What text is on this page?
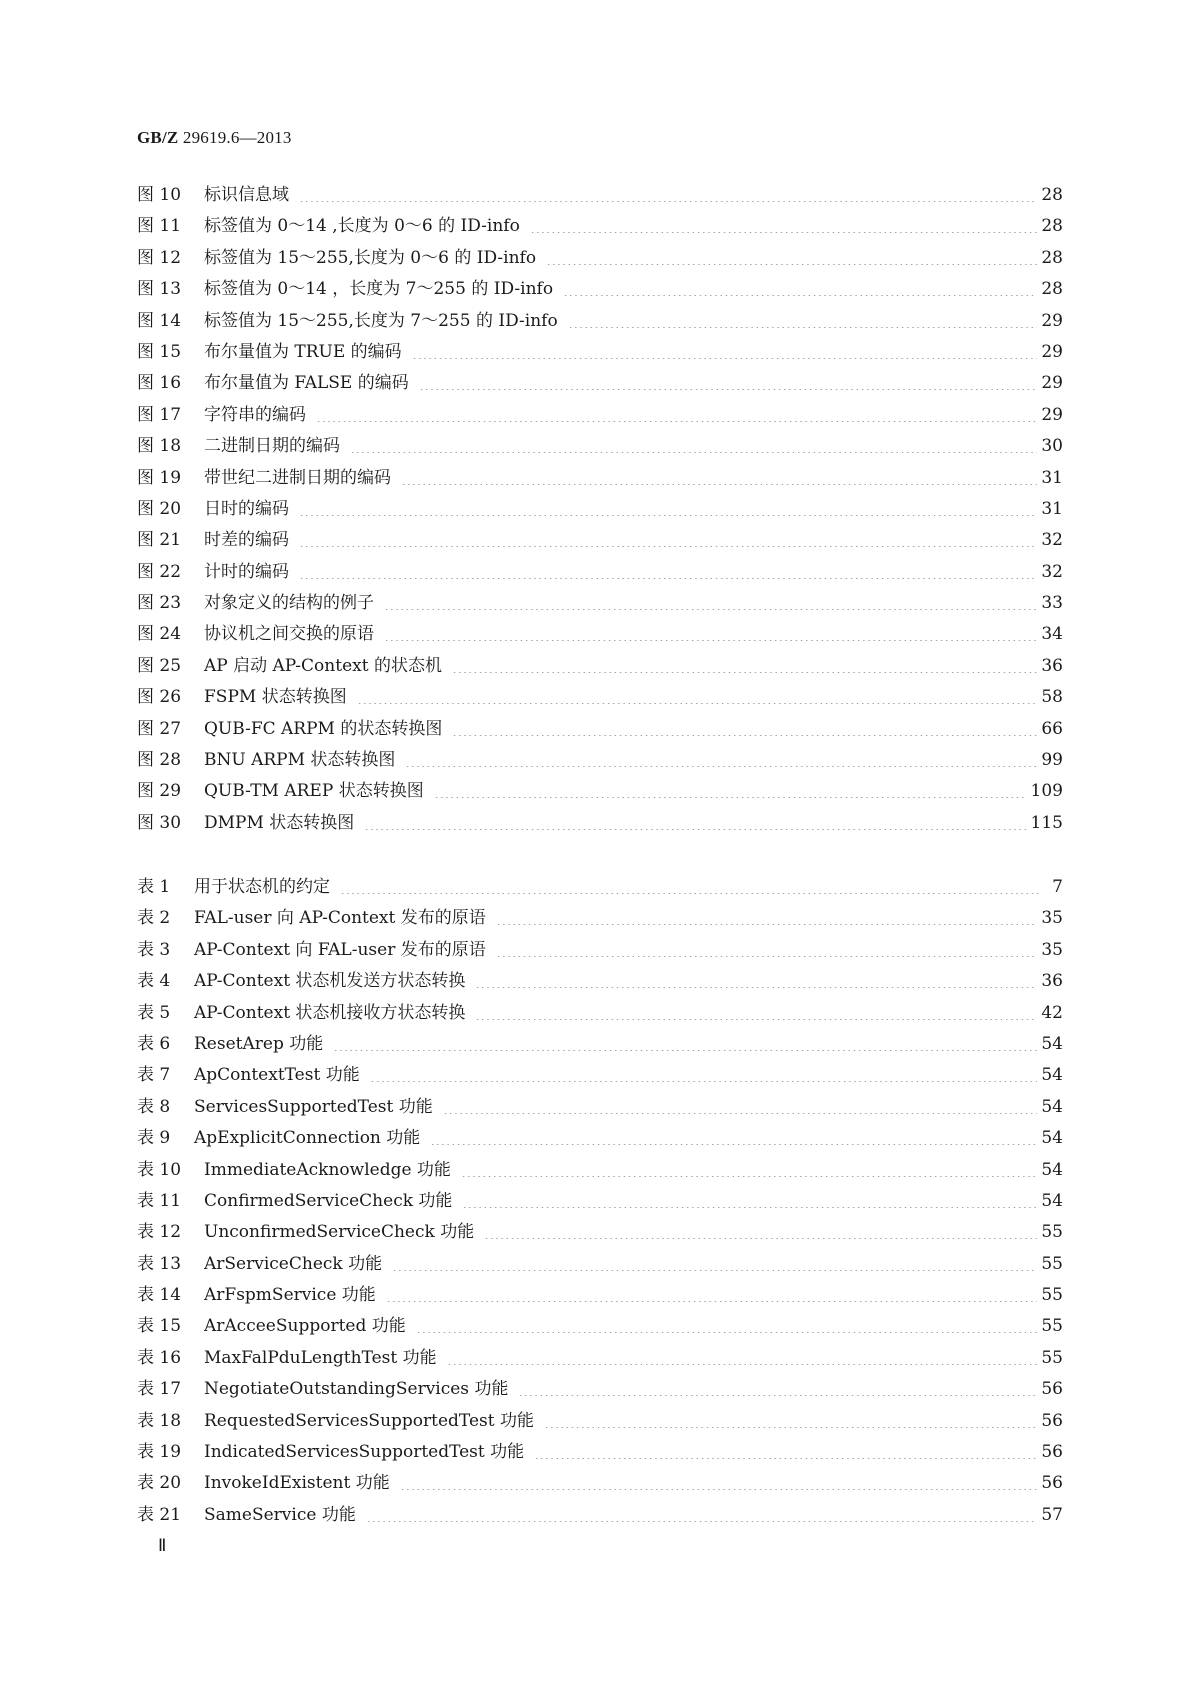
GB/Z 29619.6—2013
图 10	标识信息域	28
图 11	标签值为 0～14 ,长度为 0～6 的 ID-info	28
图 12	标签值为 15～255,长度为 0～6 的 ID-info	28
图 13	标签值为 0～14 ，长度为 7～255 的 ID-info	28
图 14	标签值为 15～255,长度为 7～255 的 ID-info	29
图 15	布尔量值为 TRUE 的编码	29
图 16	布尔量值为 FALSE 的编码	29
图 17	字符串的编码	29
图 18	二进制日期的编码	30
图 19	带世纪二进制日期的编码	31
图 20	日时的编码	31
图 21	时差的编码	32
图 22	计时的编码	32
图 23	对象定义的结构的例子	33
图 24	协议机之间交换的原语	34
图 25	AP 启动 AP-Context 的状态机	36
图 26	FSPM 状态转换图	58
图 27	QUB-FC ARPM 的状态转换图	66
图 28	BNU ARPM 状态转换图	99
图 29	QUB-TM AREP 状态转换图	109
图 30	DMPM 状态转换图	115
表 1	用于状态机的约定	7
表 2	FAL-user 向 AP-Context 发布的原语	35
表 3	AP-Context 向 FAL-user 发布的原语	35
表 4	AP-Context 状态机发送方状态转换	36
表 5	AP-Context 状态机接收方状态转换	42
表 6	ResetArep 功能	54
表 7	ApContextTest 功能	54
表 8	ServicesSupportedTest 功能	54
表 9	ApExplicitConnection 功能	54
表 10	ImmediateAcknowledge 功能	54
表 11	ConfirmedServiceCheck 功能	54
表 12	UnconfirmedServiceCheck 功能	55
表 13	ArServiceCheck 功能	55
表 14	ArFspmService 功能	55
表 15	ArAcceeSupported 功能	55
表 16	MaxFalPduLengthTest 功能	55
表 17	NegotiateOutstandingServices 功能	56
表 18	RequestedServicesSupportedTest 功能	56
表 19	IndicatedServicesSupportedTest 功能	56
表 20	InvokeIdExistent 功能	56
表 21	SameService 功能	57
Ⅱ
